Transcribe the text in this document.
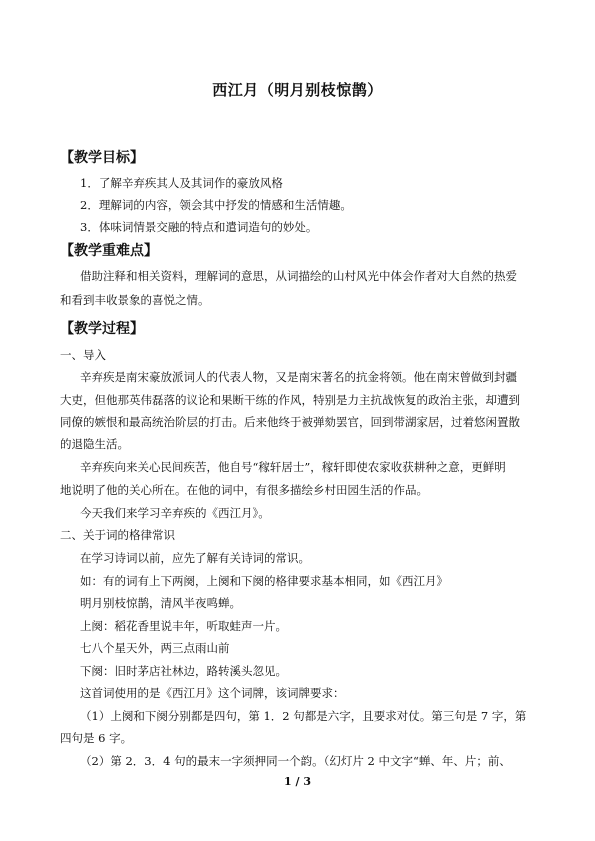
西江月（明月别枝惊鹊）
【教学目标】
1．了解辛弃疾其人及其词作的豪放风格
2．理解词的内容，领会其中抒发的情感和生活情趣。
3．体味词情景交融的特点和遣词造句的妙处。
【教学重难点】
借助注释和相关资料，理解词的意思，从词描绘的山村风光中体会作者对大自然的热爱
和看到丰收景象的喜悦之情。
【教学过程】
一、导入
辛弃疾是南宋豪放派词人的代表人物，又是南宋著名的抗金将领。他在南宋曾做到封疆
大吏，但他那英伟磊落的议论和果断干练的作风，特别是力主抗战恢复的政治主张，却遭到
同僚的嫉恨和最高统治阶层的打击。后来他终于被弹劾罢官，回到带湖家居，过着悠闲置散
的退隐生活。
辛弃疾向来关心民间疾苦，他自号“稼轩居士”，稼轩即使农家收获耕种之意，更鲜明
地说明了他的关心所在。在他的词中，有很多描绘乡村田园生活的作品。
今天我们来学习辛弃疾的《西江月》。
二、关于词的格律常识
在学习诗词以前，应先了解有关诗词的常识。
如：有的词有上下两阕，上阕和下阕的格律要求基本相同，如《西江月》
明月别枝惊鹊，清风半夜鸣蝉。
上阕：稻花香里说丰年，听取蛙声一片。
七八个星天外，两三点雨山前
下阕：旧时茅店社林边，路转溪头忽见。
这首词使用的是《西江月》这个词牌，该词牌要求：
（1）上阕和下阕分别都是四句，第 1．2 句都是六字，且要求对仗。第三句是 7 字，第
四句是 6 字。
（2）第 2．3．4 句的最末一字须押同一个韵。（幻灯片 2 中文字“蝉、年、片；前、
1 / 3
